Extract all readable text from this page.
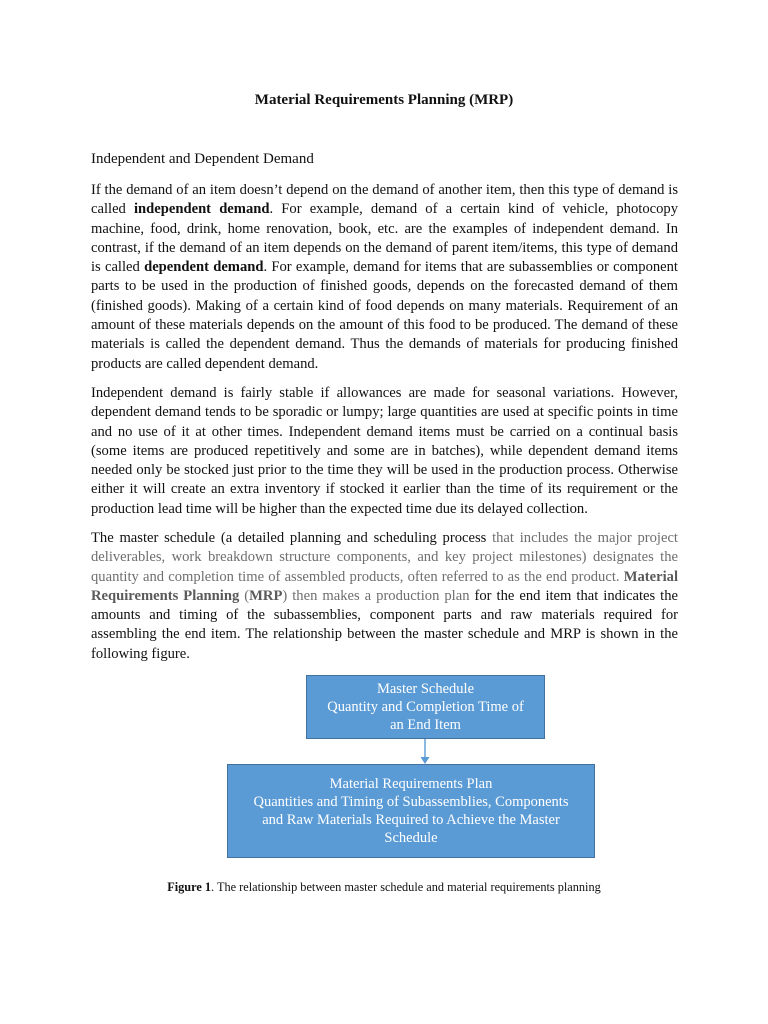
Material Requirements Planning (MRP)
Independent and Dependent Demand

If the demand of an item doesn’t depend on the demand of another item, then this type of demand is called independent demand. For example, demand of a certain kind of vehicle, photocopy machine, food, drink, home renovation, book, etc. are the examples of independent demand. In contrast, if the demand of an item depends on the demand of parent item/items, this type of demand is called dependent demand. For example, demand for items that are subassemblies or component parts to be used in the production of finished goods, depends on the forecasted demand of them (finished goods). Making of a certain kind of food depends on many materials. Requirement of an amount of these materials depends on the amount of this food to be produced. The demand of these materials is called the dependent demand. Thus the demands of materials for producing finished products are called dependent demand.

Independent demand is fairly stable if allowances are made for seasonal variations. However, dependent demand tends to be sporadic or lumpy; large quantities are used at specific points in time and no use of it at other times. Independent demand items must be carried on a continual basis (some items are produced repetitively and some are in batches), while dependent demand items needed only be stocked just prior to the time they will be used in the production process. Otherwise either it will create an extra inventory if stocked it earlier than the time of its requirement or the production lead time will be higher than the expected time due its delayed collection.

The master schedule (a detailed planning and scheduling process that includes the major project deliverables, work breakdown structure components, and key project milestones) designates the quantity and completion time of assembled products, often referred to as the end product. Material Requirements Planning (MRP) then makes a production plan for the end item that indicates the amounts and timing of the subassemblies, component parts and raw materials required for assembling the end item. The relationship between the master schedule and MRP is shown in the following figure.

Master Schedule
Quantity and Completion Time of
an End Item
Material Requirements Plan
Quantities and Timing of Subassemblies, Components
and Raw Materials Required to Achieve the Master
Schedule
Figure 1. The relationship between master schedule and material requirements planning
